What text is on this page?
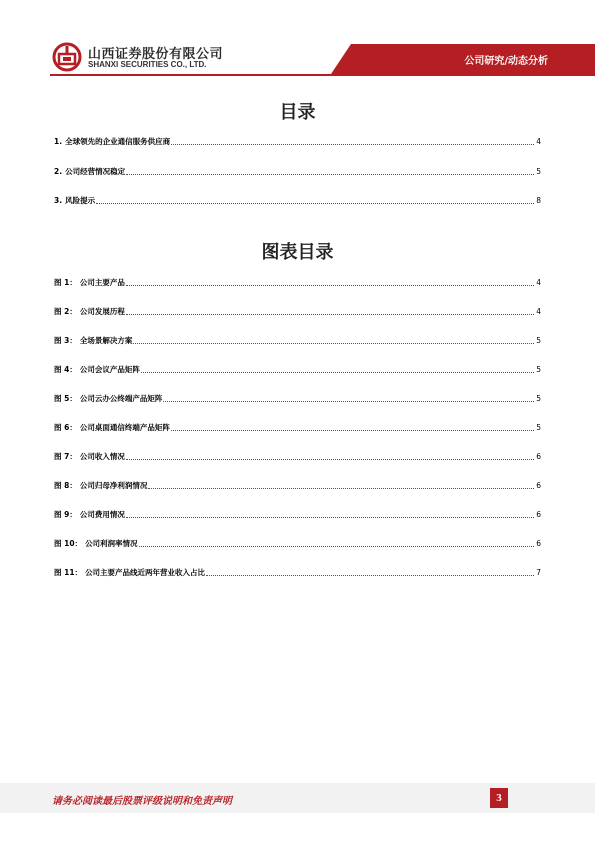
山西证券股份有限公司
SHANXI SECURITIES CO., LTD.	公司研究/动态分析
目录
1. 全球领先的企业通信服务供应商	4
2. 公司经营情况稳定	5
3. 风险提示	8
图表目录
图 1： 公司主要产品	4
图 2： 公司发展历程	4
图 3： 全场景解决方案	5
图 4： 公司会议产品矩阵	5
图 5： 公司云办公终端产品矩阵	5
图 6： 公司桌面通信终端产品矩阵	5
图 7： 公司收入情况	6
图 8： 公司归母净利润情况	6
图 9： 公司费用情况	6
图 10： 公司利润率情况	6
图 11： 公司主要产品线近两年营业收入占比	7
请务必阅读最后股票评级说明和免责声明	3
